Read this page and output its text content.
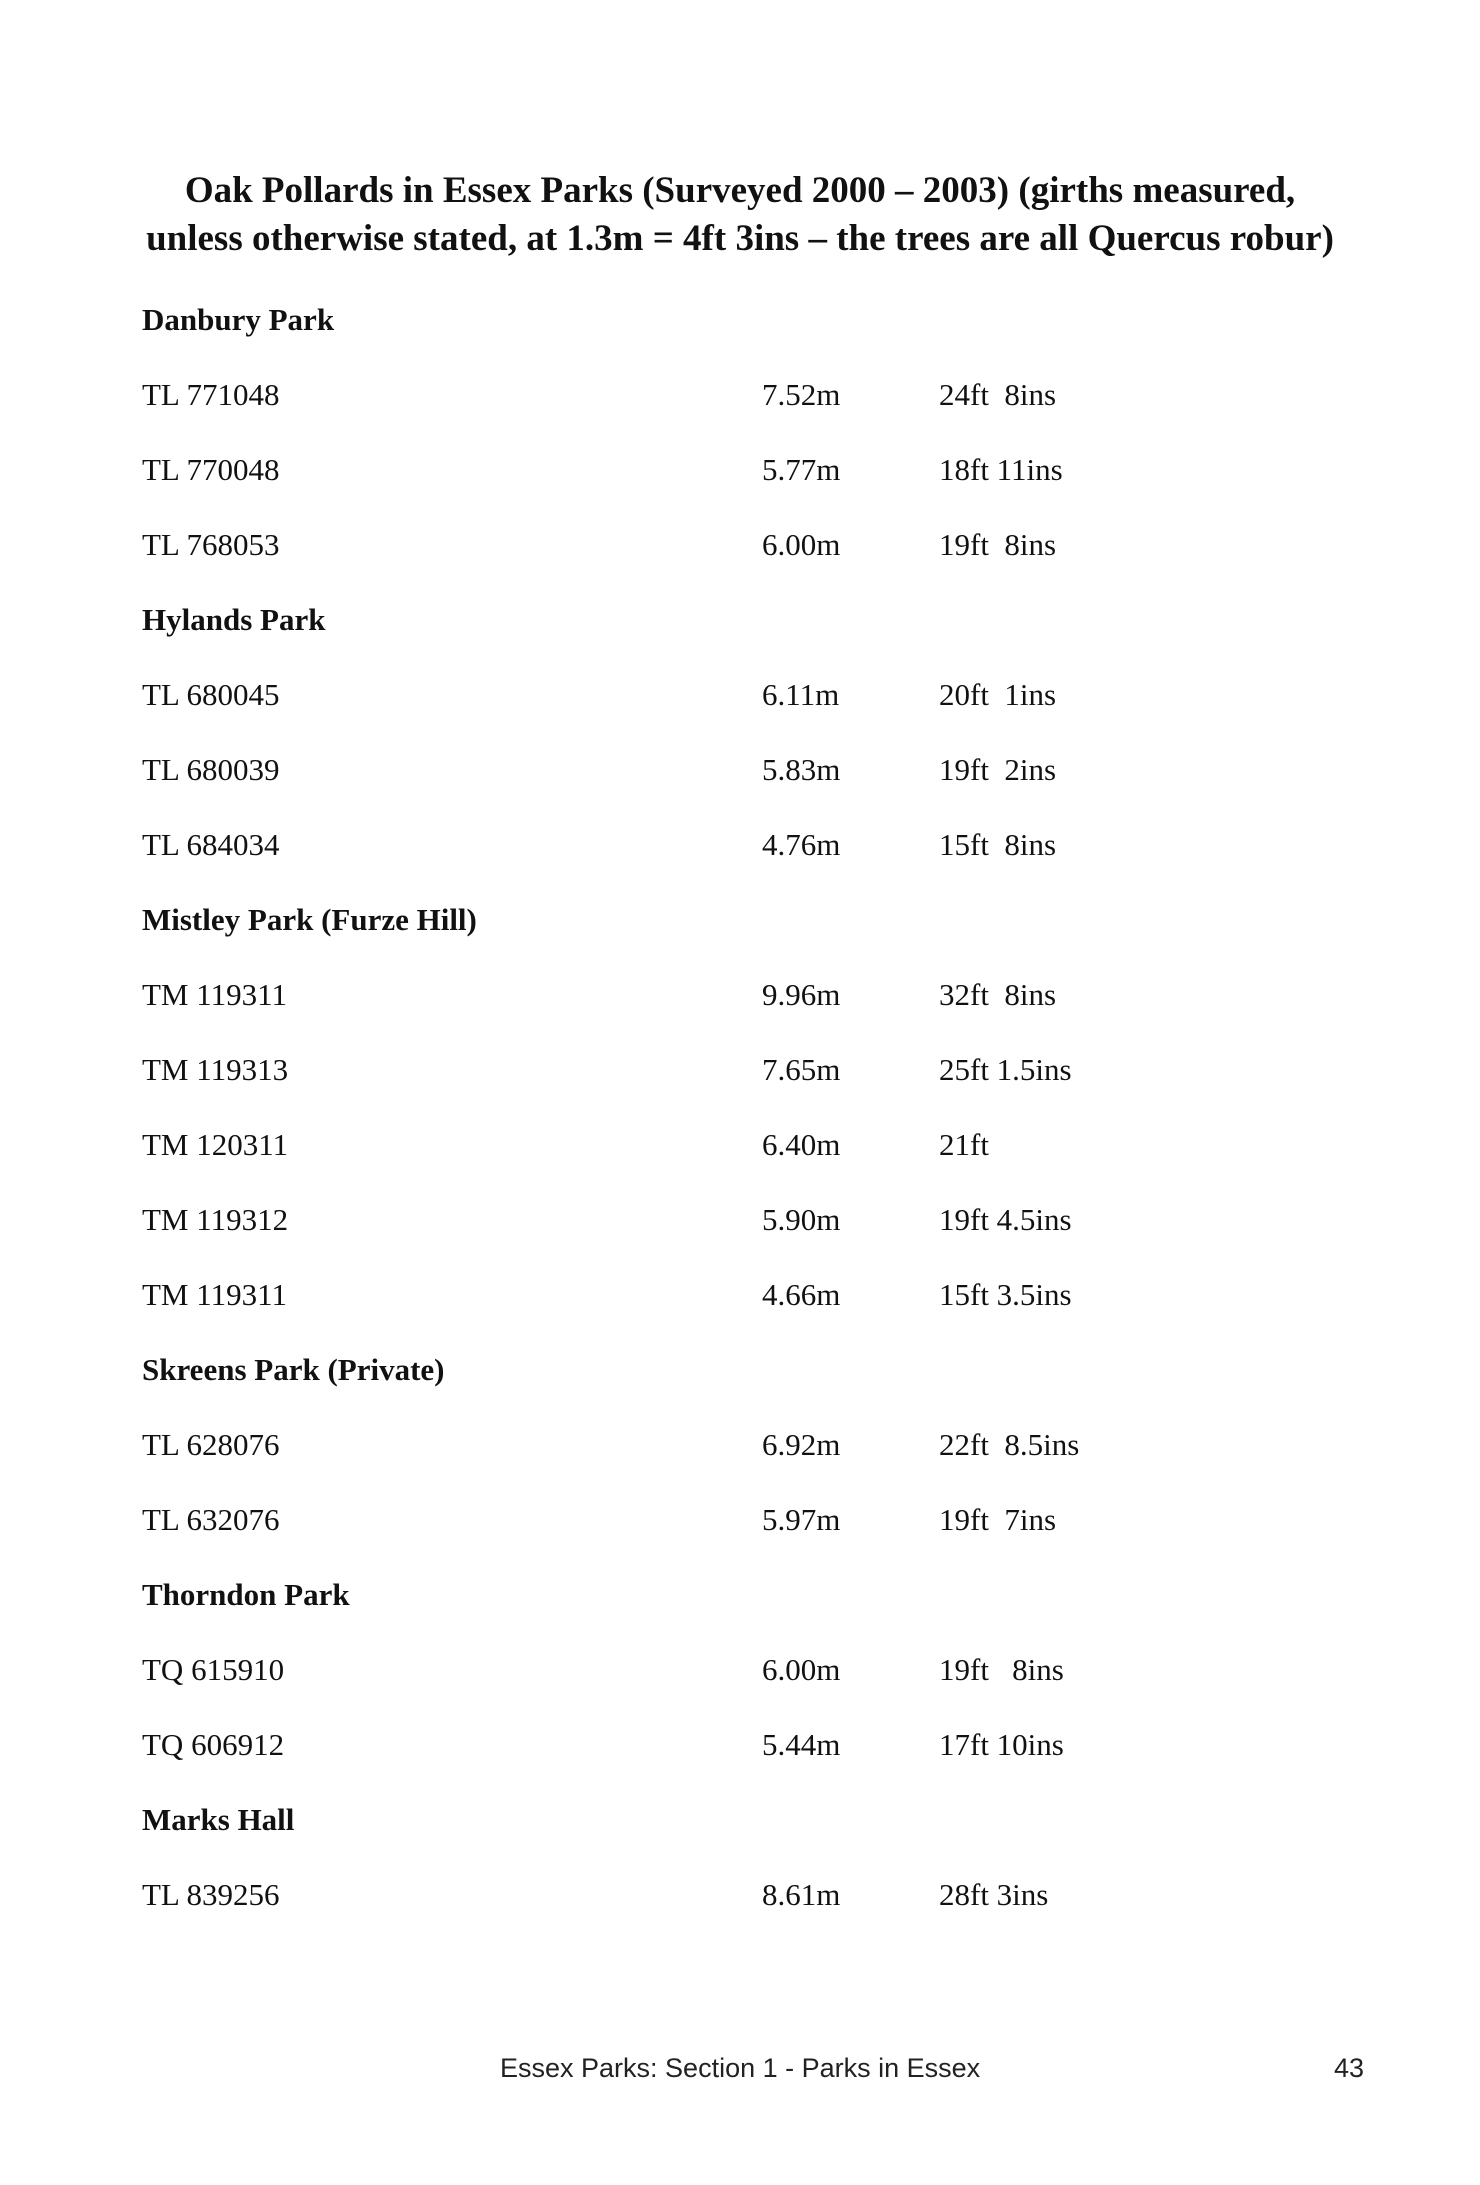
Oak Pollards in Essex Parks (Surveyed 2000 – 2003) (girths measured,
unless otherwise stated, at 1.3m = 4ft 3ins – the trees are all Quercus robur)
Danbury Park
TL 771048	7.52m	24ft  8ins
TL 770048	5.77m	18ft 11ins
TL 768053	6.00m	19ft  8ins
Hylands Park
TL 680045	6.11m	20ft  1ins
TL 680039	5.83m	19ft  2ins
TL 684034	4.76m	15ft  8ins
Mistley Park (Furze Hill)
TM 119311	9.96m	32ft  8ins
TM 119313	7.65m	25ft 1.5ins
TM 120311	6.40m	21ft
TM 119312	5.90m	19ft 4.5ins
TM 119311	4.66m	15ft 3.5ins
Skreens Park (Private)
TL 628076	6.92m	22ft  8.5ins
TL 632076	5.97m	19ft  7ins
Thorndon Park
TQ 615910	6.00m	19ft   8ins
TQ 606912	5.44m	17ft 10ins
Marks Hall
TL 839256	8.61m	28ft 3ins
Essex Parks: Section 1 - Parks in Essex	43
